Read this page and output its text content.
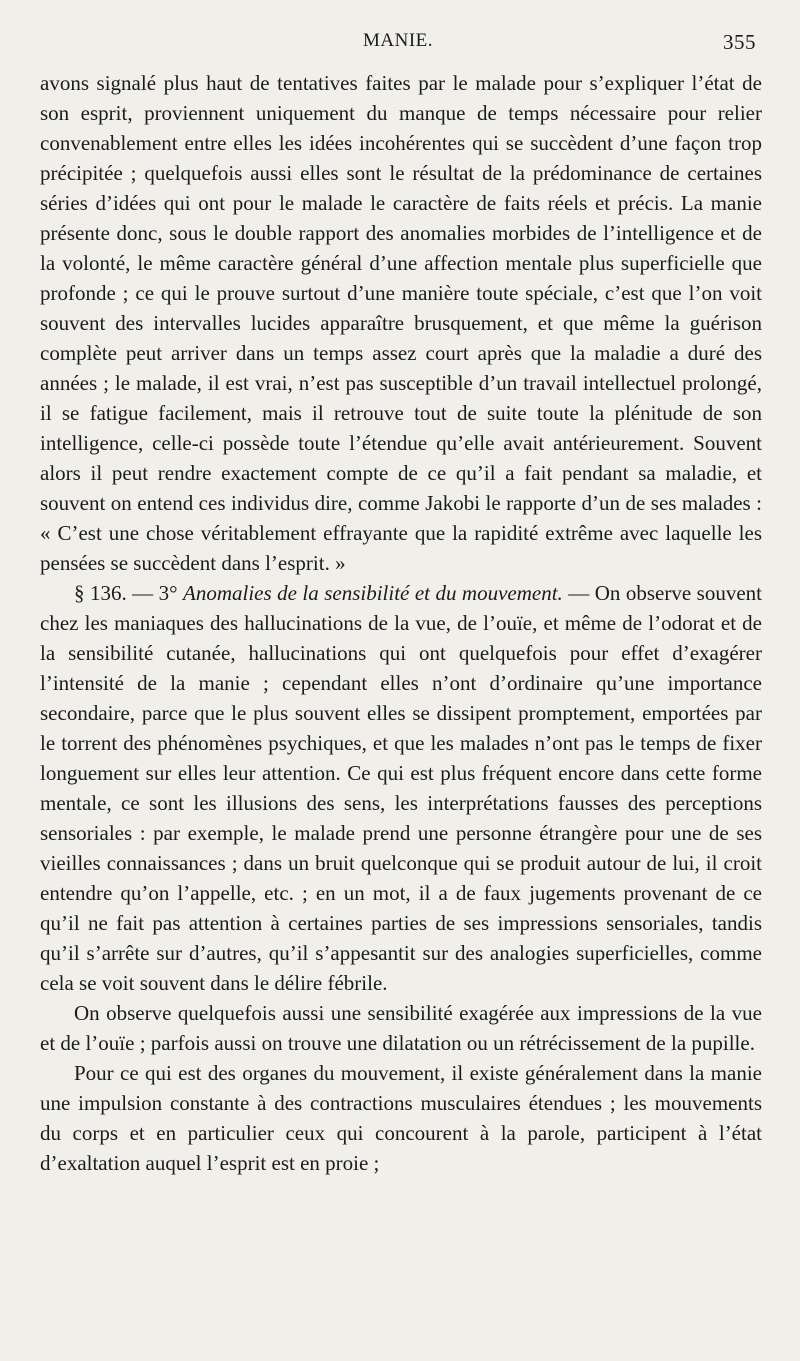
MANIE.	355

avons signalé plus haut de tentatives faites par le malade pour s’expliquer l’état de son esprit, proviennent uniquement du manque de temps nécessaire pour relier convenablement entre elles les idées incohérentes qui se succèdent d’une façon trop précipitée ; quelquefois aussi elles sont le résultat de la prédominance de certaines séries d’idées qui ont pour le malade le caractère de faits réels et précis. La manie présente donc, sous le double rapport des anomalies morbides de l’intelligence et de la volonté, le même caractère général d’une affection mentale plus superficielle que profonde ; ce qui le prouve surtout d’une manière toute spéciale, c’est que l’on voit souvent des intervalles lucides apparaître brusquement, et que même la guérison complète peut arriver dans un temps assez court après que la maladie a duré des années ; le malade, il est vrai, n’est pas susceptible d’un travail intellectuel prolongé, il se fatigue facilement, mais il retrouve tout de suite toute la plénitude de son intelligence, celle-ci possède toute l’étendue qu’elle avait antérieurement. Souvent alors il peut rendre exactement compte de ce qu’il a fait pendant sa maladie, et souvent on entend ces individus dire, comme Jakobi le rapporte d’un de ses malades : « C’est une chose véritablement effrayante que la rapidité extrême avec laquelle les pensées se succèdent dans l’esprit. »

§ 136. — 3° Anomalies de la sensibilité et du mouvement. — On observe souvent chez les maniaques des hallucinations de la vue, de l’ouïe, et même de l’odorat et de la sensibilité cutanée, hallucinations qui ont quelquefois pour effet d’exagérer l’intensité de la manie ; cependant elles n’ont d’ordinaire qu’une importance secondaire, parce que le plus souvent elles se dissipent promptement, emportées par le torrent des phénomènes psychiques, et que les malades n’ont pas le temps de fixer longuement sur elles leur attention. Ce qui est plus fréquent encore dans cette forme mentale, ce sont les illusions des sens, les interprétations fausses des perceptions sensoriales : par exemple, le malade prend une personne étrangère pour une de ses vieilles connaissances ; dans un bruit quelconque qui se produit autour de lui, il croit entendre qu’on l’appelle, etc. ; en un mot, il a de faux jugements provenant de ce qu’il ne fait pas attention à certaines parties de ses impressions sensoriales, tandis qu’il s’arrête sur d’autres, qu’il s’appesantit sur des analogies superficielles, comme cela se voit souvent dans le délire fébrile.

On observe quelquefois aussi une sensibilité exagérée aux impressions de la vue et de l’ouïe ; parfois aussi on trouve une dilatation ou un rétrécissement de la pupille.

Pour ce qui est des organes du mouvement, il existe généralement dans la manie une impulsion constante à des contractions musculaires étendues ; les mouvements du corps et en particulier ceux qui concourent à la parole, participent à l’état d’exaltation auquel l’esprit est en proie ;
